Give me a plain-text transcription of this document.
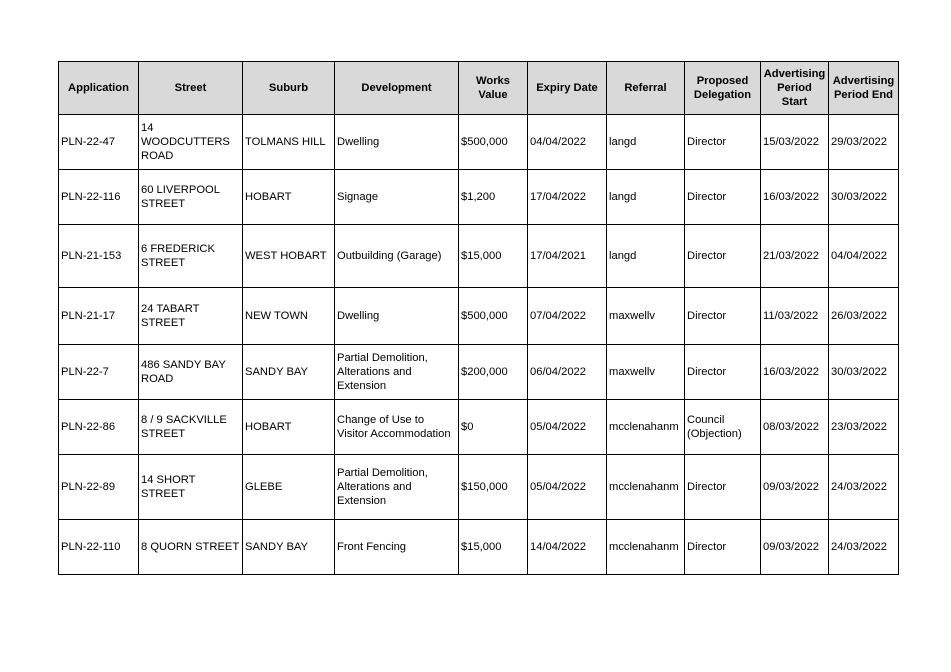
Application	Street	Suburb	Development	Works Value	Expiry Date	Referral	Proposed Delegation	Advertising Period Start	Advertising Period End
PLN-22-47	14 WOODCUTTERS ROAD	TOLMANS HILL	Dwelling	$500,000	04/04/2022	langd	Director	15/03/2022	29/03/2022
PLN-22-116	60 LIVERPOOL STREET	HOBART	Signage	$1,200	17/04/2022	langd	Director	16/03/2022	30/03/2022
PLN-21-153	6 FREDERICK STREET	WEST HOBART	Outbuilding (Garage)	$15,000	17/04/2021	langd	Director	21/03/2022	04/04/2022
PLN-21-17	24 TABART STREET	NEW TOWN	Dwelling	$500,000	07/04/2022	maxwellv	Director	11/03/2022	26/03/2022
PLN-22-7	486 SANDY BAY ROAD	SANDY BAY	Partial Demolition, Alterations and Extension	$200,000	06/04/2022	maxwellv	Director	16/03/2022	30/03/2022
PLN-22-86	8 / 9 SACKVILLE STREET	HOBART	Change of Use to Visitor Accommodation	$0	05/04/2022	mcclenahanm	Council (Objection)	08/03/2022	23/03/2022
PLN-22-89	14 SHORT STREET	GLEBE	Partial Demolition, Alterations and Extension	$150,000	05/04/2022	mcclenahanm	Director	09/03/2022	24/03/2022
PLN-22-110	8 QUORN STREET	SANDY BAY	Front Fencing	$15,000	14/04/2022	mcclenahanm	Director	09/03/2022	24/03/2022
